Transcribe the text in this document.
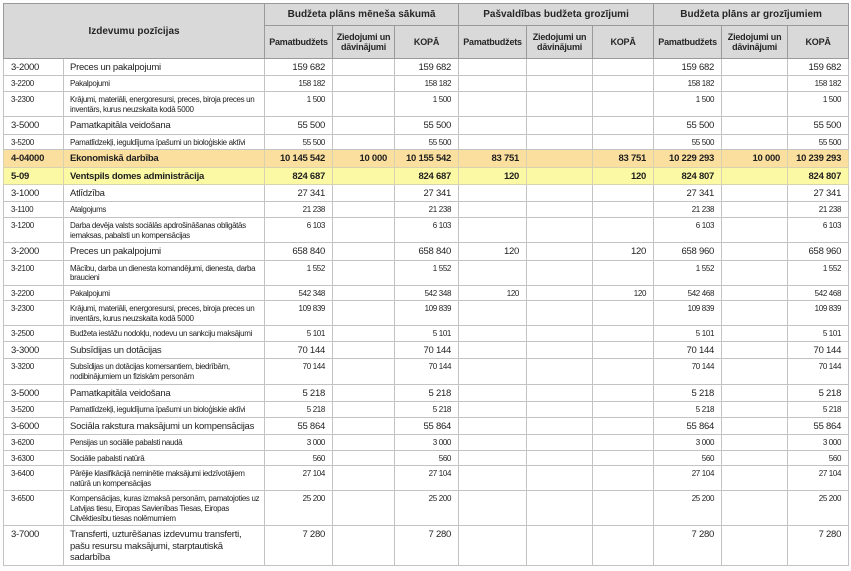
Izdevumu pozīcijas		Budžeta plāns mēneša sākumā			Pašvaldības budžeta grozījumi			Budžeta plāns ar grozījumiem		
		Pamatbudžets	Ziedojumi un dāvinājumi	KOPĀ	Pamatbudžets	Ziedojumi un dāvinājumi	KOPĀ	Pamatbudžets	Ziedojumi un dāvinājumi	KOPĀ
3-2000	Preces un pakalpojumi	159 682		159 682				159 682		159 682
3-2200	Pakalpojumi	158 182		158 182				158 182		158 182
3-2300	Krājumi, materiāli, energoresursi, preces, biroja preces un inventārs, kurus neuzskaita kodā 5000	1 500		1 500				1 500		1 500
3-5000	Pamatkapitāla veidošana	55 500		55 500				55 500		55 500
3-5200	Pamatlīdzekļi, ieguldījuma īpašumi un bioloģiskie aktīvi	55 500		55 500				55 500		55 500
4-04000	Ekonomiskā darbība	10 145 542	10 000	10 155 542	83 751		83 751	10 229 293	10 000	10 239 293
5-09	Ventspils domes administrācija	824 687		824 687	120		120	824 807		824 807
3-1000	Atlīdzība	27 341		27 341				27 341		27 341
3-1100	Atalgojums	21 238		21 238				21 238		21 238
3-1200	Darba devēja valsts sociālās apdrošināšanas obligātās iemaksas, pabalsti un kompensācijas	6 103		6 103				6 103		6 103
3-2000	Preces un pakalpojumi	658 840		658 840	120		120	658 960		658 960
3-2100	Mācību, darba un dienesta komandējumi, dienesta, darba braucieni	1 552		1 552				1 552		1 552
3-2200	Pakalpojumi	542 348		542 348	120		120	542 468		542 468
3-2300	Krājumi, materiāli, energoresursi, preces, biroja preces un inventārs, kurus neuzskaita kodā 5000	109 839		109 839				109 839		109 839
3-2500	Budžeta iestāžu nodokļu, nodevu un sankciju maksājumi	5 101		5 101				5 101		5 101
3-3000	Subsīdijas un dotācijas	70 144		70 144				70 144		70 144
3-3200	Subsīdijas un dotācijas komersantiem, biedrībām, nodibinājumiem un fiziskām personām	70 144		70 144				70 144		70 144
3-5000	Pamatkapitāla veidošana	5 218		5 218				5 218		5 218
3-5200	Pamatlīdzekļi, ieguldījuma īpašumi un bioloģiskie aktīvi	5 218		5 218				5 218		5 218
3-6000	Sociāla rakstura maksājumi un kompensācijas	55 864		55 864				55 864		55 864
3-6200	Pensijas un sociālie pabalsti naudā	3 000		3 000				3 000		3 000
3-6300	Sociālie pabalsti natūrā	560		560				560		560
3-6400	Pārējie klasifikācijā neminētie maksājumi iedzīvotājiem natūrā un kompensācijas	27 104		27 104				27 104		27 104
3-6500	Kompensācijas, kuras izmaksā personām, pamatojoties uz Latvijas tiesu, Eiropas Savienības Tiesas, Eiropas Cilvēktiesību tiesas nolēmumiem	25 200		25 200				25 200		25 200
3-7000	Transferti, uzturēšanas izdevumu transferti, pašu resursu maksājumi, starptautiskā sadarbība	7 280		7 280				7 280		7 280
